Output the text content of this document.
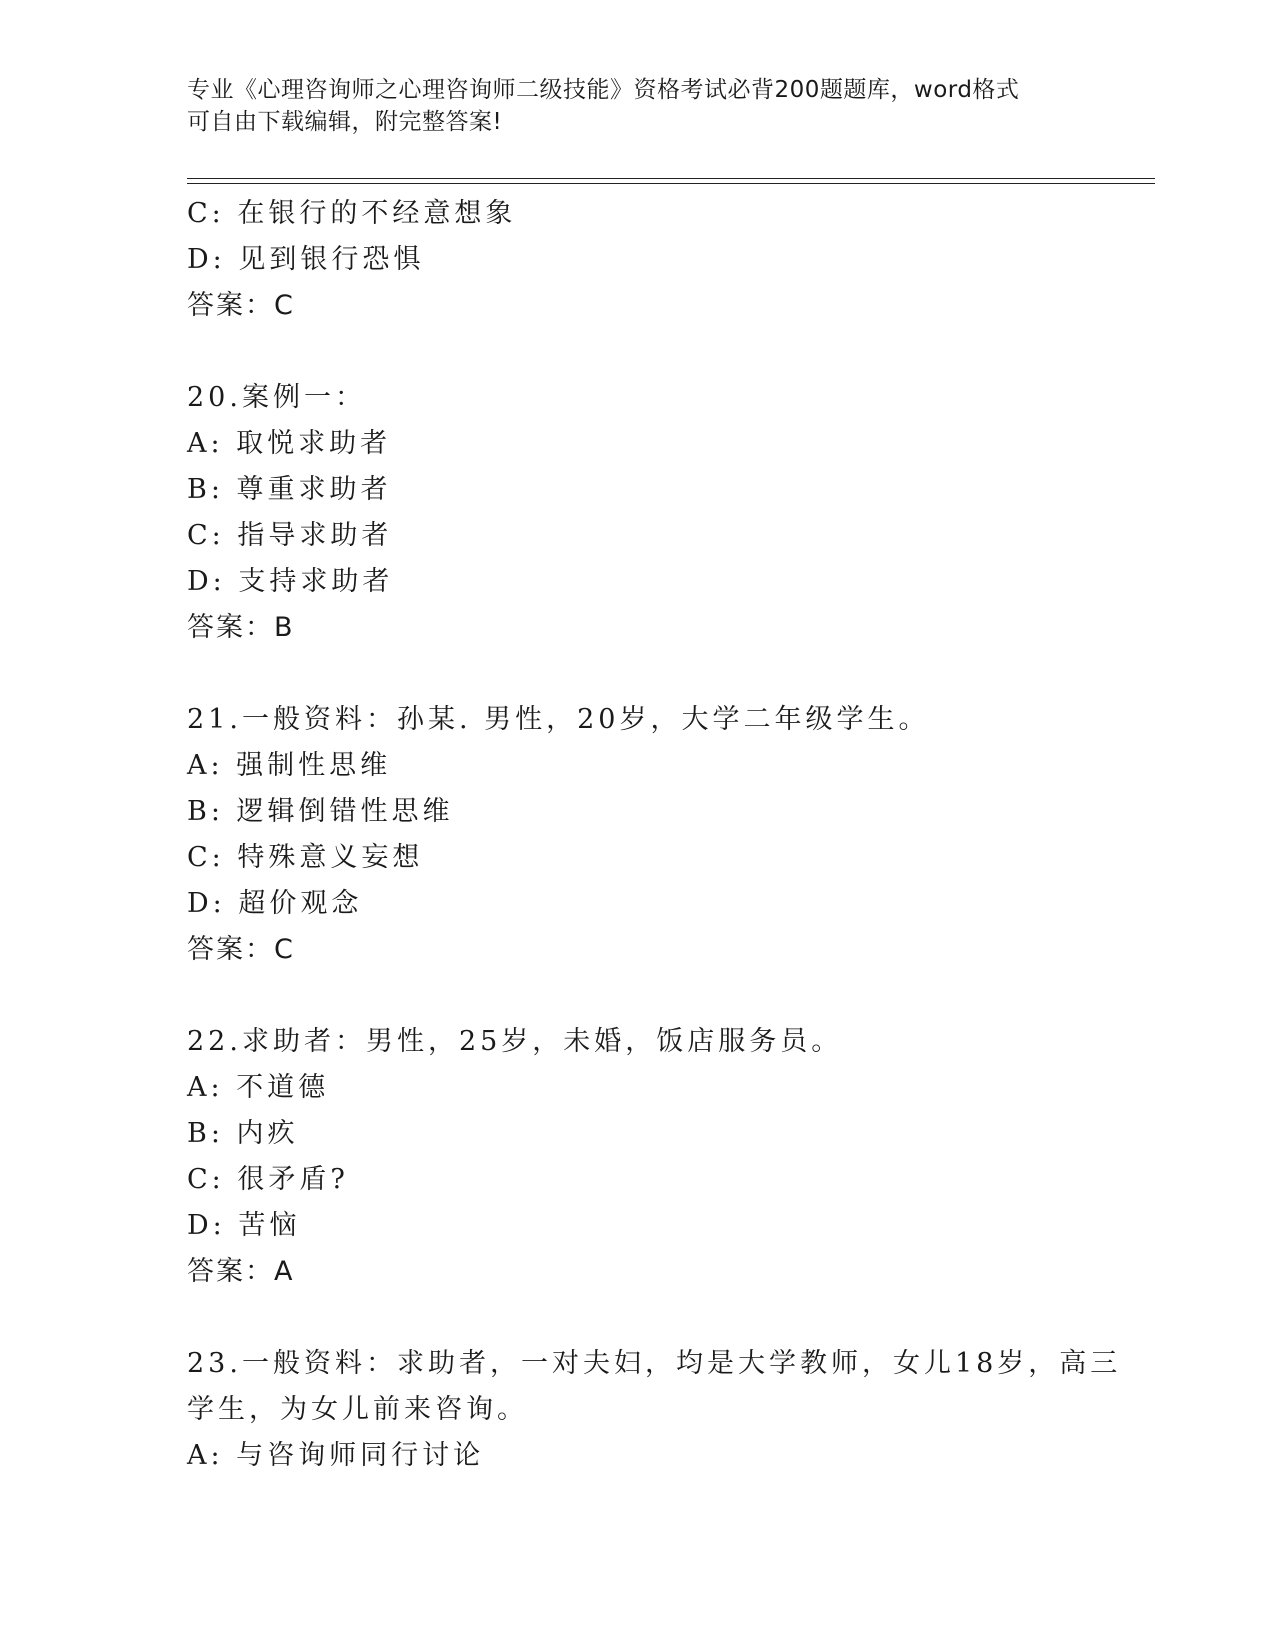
专业《心理咨询师之心理咨询师二级技能》资格考试必背200题题库，word格式
可自由下载编辑，附完整答案!
C: 在银行的不经意想象
D: 见到银行恐惧
答案：C
20.案例一：
A: 取悦求助者
B: 尊重求助者
C: 指导求助者
D: 支持求助者
答案：B
21.一般资料：孙某. 男性，20岁，大学二年级学生。
A: 强制性思维
B: 逻辑倒错性思维
C: 特殊意义妄想
D: 超价观念
答案：C
22.求助者：男性，25岁，未婚，饭店服务员。
A: 不道德
B: 内疚
C: 很矛盾?
D: 苦恼
答案：A
23.一般资料：求助者，一对夫妇，均是大学教师，女儿18岁，高三
学生，为女儿前来咨询。
A: 与咨询师同行讨论
